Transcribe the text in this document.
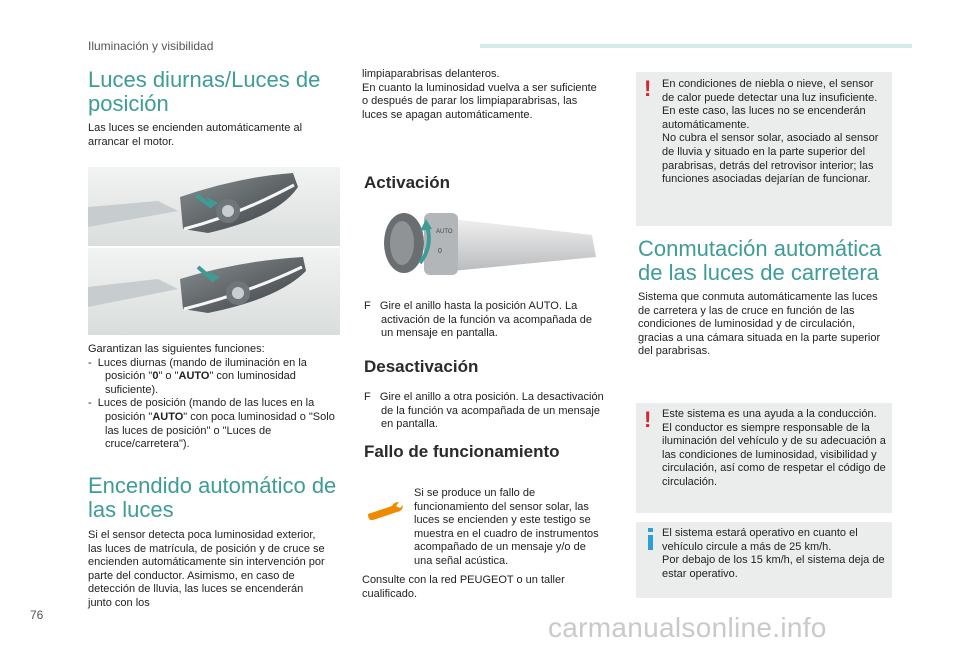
Iluminación y visibilidad
Luces diurnas/Luces de posición

Las luces se encienden automáticamente al arrancar el motor.

Garantizan las siguientes funciones:

-  Luces diurnas (mando de iluminación en la posición "0" o "AUTO" con luminosidad suficiente).

-  Luces de posición (mando de las luces en la posición "AUTO" con poca luminosidad o "Solo las luces de posición" o "Luces de cruce/carretera").

Encendido automático de las luces

Si el sensor detecta poca luminosidad exterior, las luces de matrícula, de posición y de cruce se encienden automáticamente sin intervención por parte del conductor. Asimismo, en caso de detección de lluvia, las luces se encenderán junto con los

limpiaparabrisas delanteros.

En cuanto la luminosidad vuelva a ser suficiente o después de parar los limpiaparabrisas, las luces se apagan automáticamente.

Activación
AUTO
0

F Gire el anillo hasta la posición AUTO. La activación de la función va acompañada de un mensaje en pantalla.

Desactivación

F Gire el anillo a otra posición. La desactivación de la función va acompañada de un mensaje en pantalla.

Fallo de funcionamiento

Si se produce un fallo de funcionamiento del sensor solar, las luces se encienden y este testigo se muestra en el cuadro de instrumentos acompañado de un mensaje y/o de una señal acústica.

Consulte con la red PEUGEOT o un taller cualificado.

! En condiciones de niebla o nieve, el sensor de calor puede detectar una luz insuficiente. En este caso, las luces no se encenderán automáticamente.

No cubra el sensor solar, asociado al sensor de lluvia y situado en la parte superior del parabrisas, detrás del retrovisor interior; las funciones asociadas dejarían de funcionar.

Conmutación automática de las luces de carretera

Sistema que conmuta automáticamente las luces de carretera y las de cruce en función de las condiciones de luminosidad y de circulación, gracias a una cámara situada en la parte superior del parabrisas.

! Este sistema es una ayuda a la conducción.

El conductor es siempre responsable de la iluminación del vehículo y de su adecuación a las condiciones de luminosidad, visibilidad y circulación, así como de respetar el código de circulación.

El sistema estará operativo en cuanto el vehículo circule a más de 25 km/h.

Por debajo de los 15 km/h, el sistema deja de estar operativo.

76	carmanualsonline.info
